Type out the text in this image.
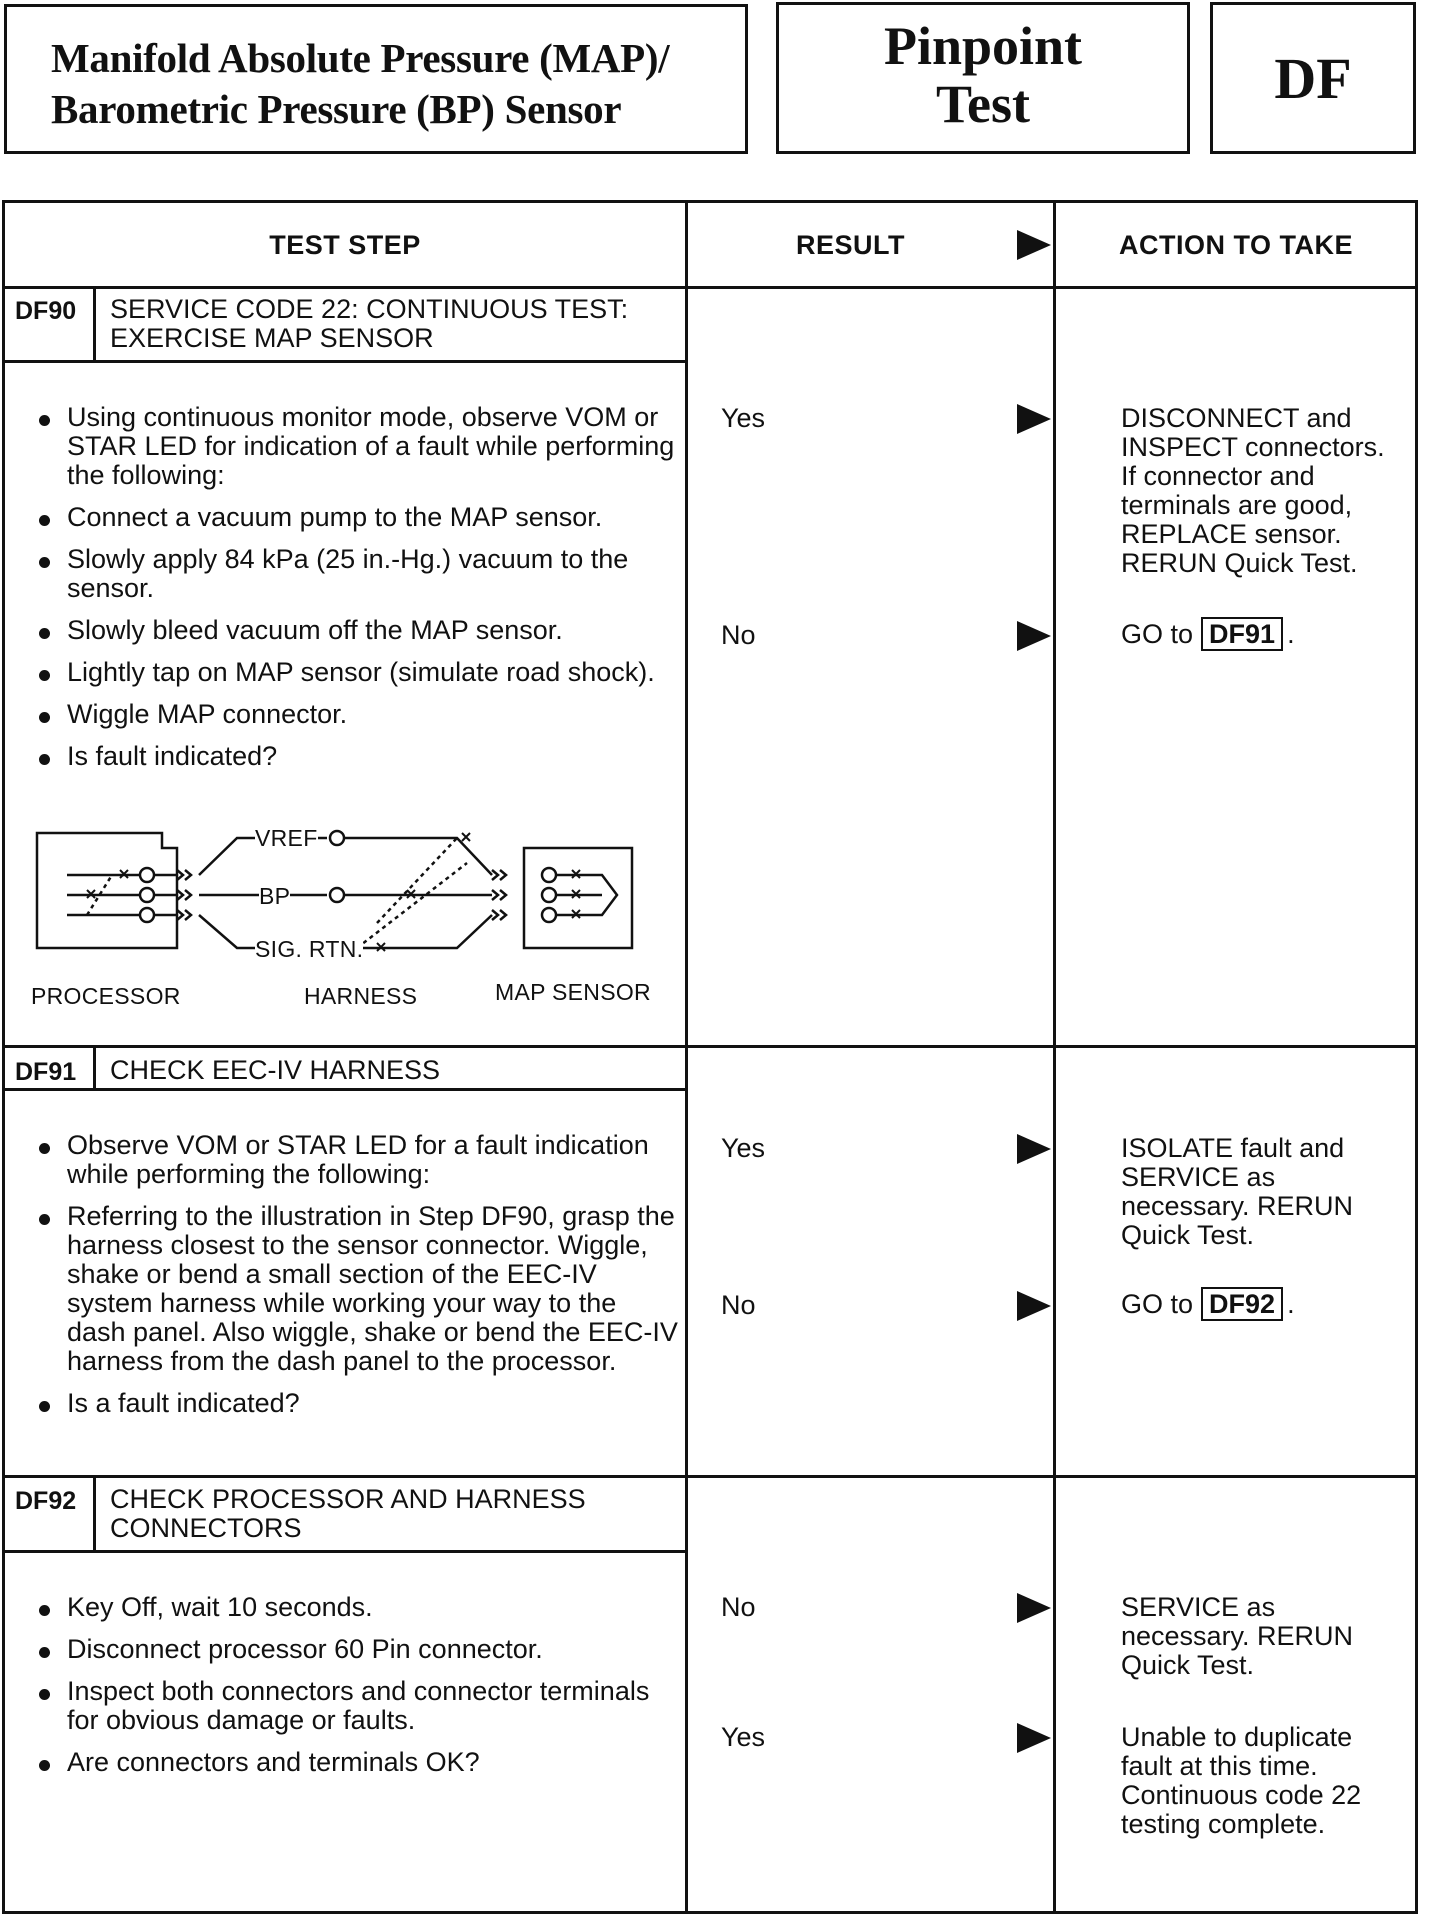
Manifold Absolute Pressure (MAP)/
Barometric Pressure (BP) Sensor
Pinpoint
Test	DF
TEST STEP	RESULT	ACTION TO TAKE
DF90	SERVICE CODE 22: CONTINUOUS TEST:
EXERCISE MAP SENSOR
Using continuous monitor mode, observe VOM or STAR LED for indication of a fault while performing the following:
Connect a vacuum pump to the MAP sensor.
Slowly apply 84 kPa (25 in.-Hg.) vacuum to the sensor.
Slowly bleed vacuum off the MAP sensor.
Lightly tap on MAP sensor (simulate road shock).
Wiggle MAP connector.
Is fault indicated?
VREF
BP
SIG. RTN.
PROCESSOR	HARNESS	MAP SENSOR
Yes	DISCONNECT and
INSPECT connectors.
If connector and
terminals are good,
REPLACE sensor.
RERUN Quick Test.
No	GO to DF91 .
DF91	CHECK EEC-IV HARNESS
Observe VOM or STAR LED for a fault indication while performing the following:
Referring to the illustration in Step DF90, grasp the harness closest to the sensor connector. Wiggle, shake or bend a small section of the EEC-IV system harness while working your way to the dash panel. Also wiggle, shake or bend the EEC-IV harness from the dash panel to the processor.
Is a fault indicated?
Yes	ISOLATE fault and
SERVICE as
necessary. RERUN
Quick Test.
No	GO to DF92 .
DF92	CHECK PROCESSOR AND HARNESS
CONNECTORS
Key Off, wait 10 seconds.
Disconnect processor 60 Pin connector.
Inspect both connectors and connector terminals for obvious damage or faults.
Are connectors and terminals OK?
No	SERVICE as
necessary. RERUN
Quick Test.
Yes	Unable to duplicate
fault at this time.
Continuous code 22
testing complete.
